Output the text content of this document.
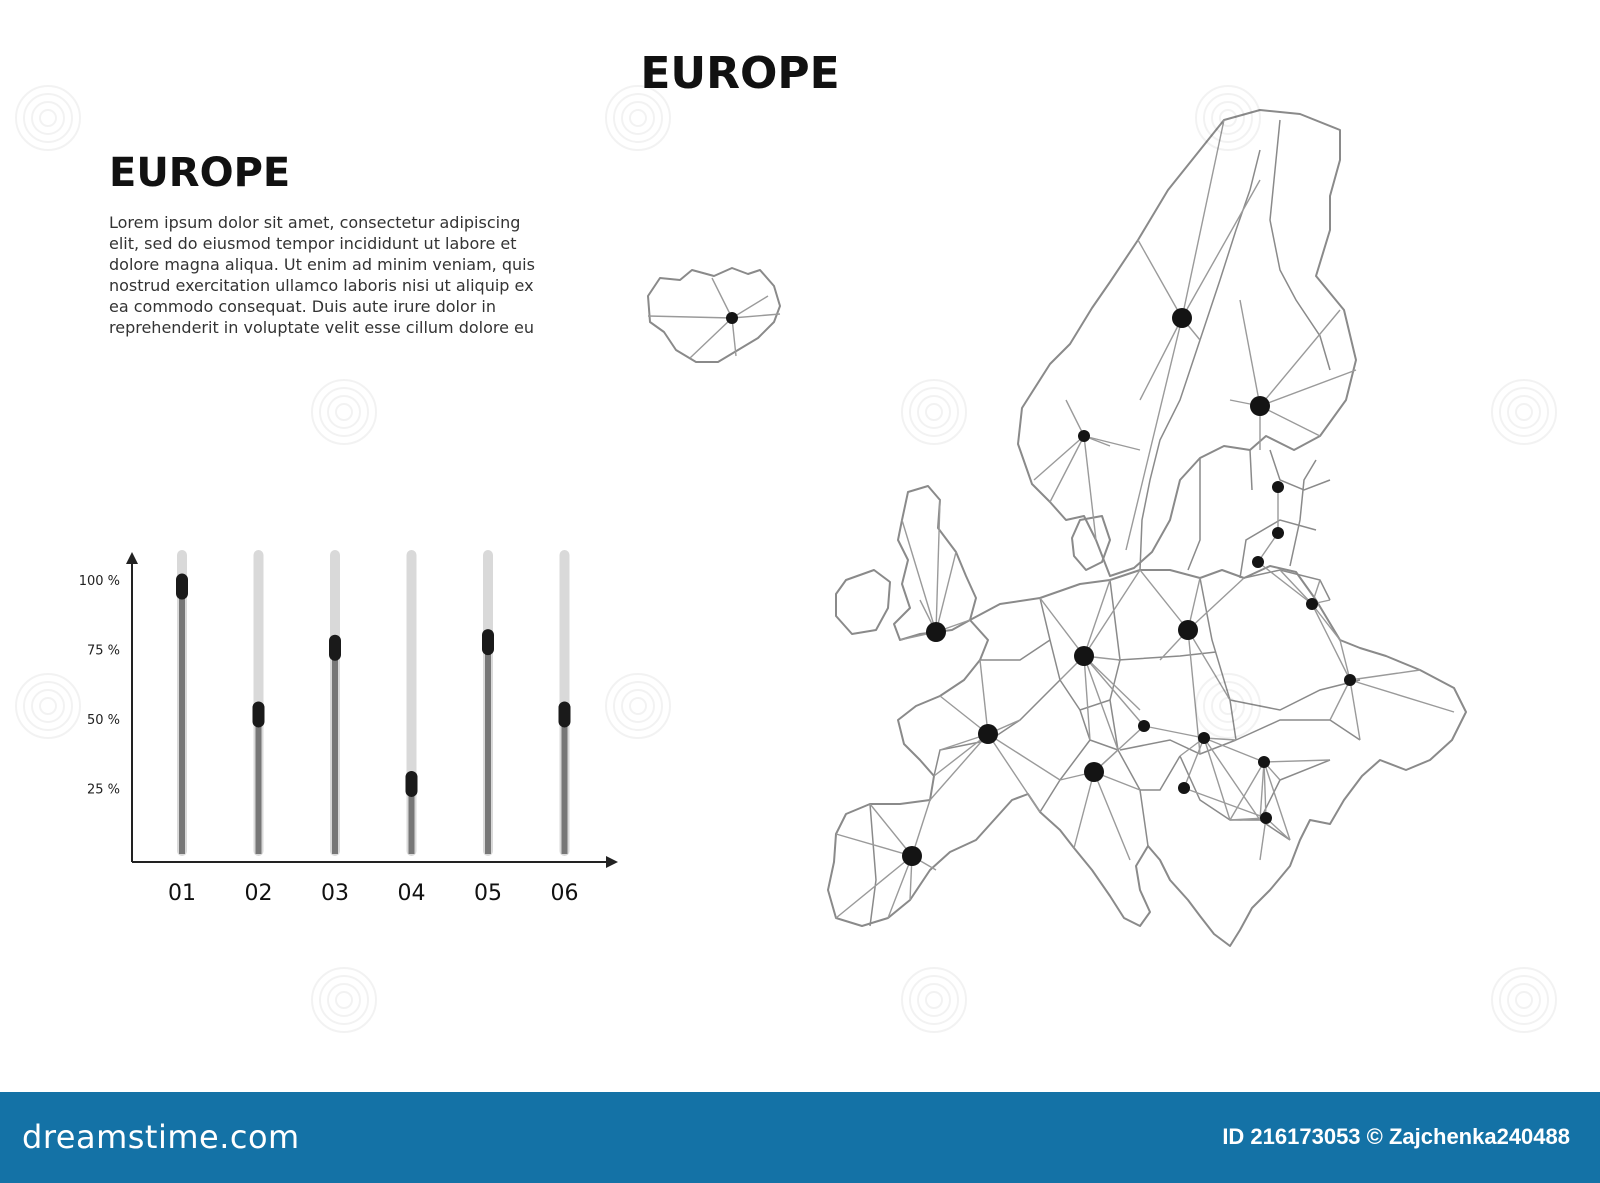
EUROPE
EUROPE

Lorem ipsum dolor sit amet, consectetur adipiscing
elit, sed do eiusmod tempor incididunt ut labore et
dolore magna aliqua. Ut enim ad minim veniam, quis
nostrud exercitation ullamco laboris nisi ut aliquip ex
ea commodo consequat. Duis aute irure dolor in
reprehenderit in voluptate velit esse cillum dolore eu

100 %
75 %
50 %
25 %
01 02 03 04 05 06
dreamstime.com	ID 216173053 © Zajchenka240488
